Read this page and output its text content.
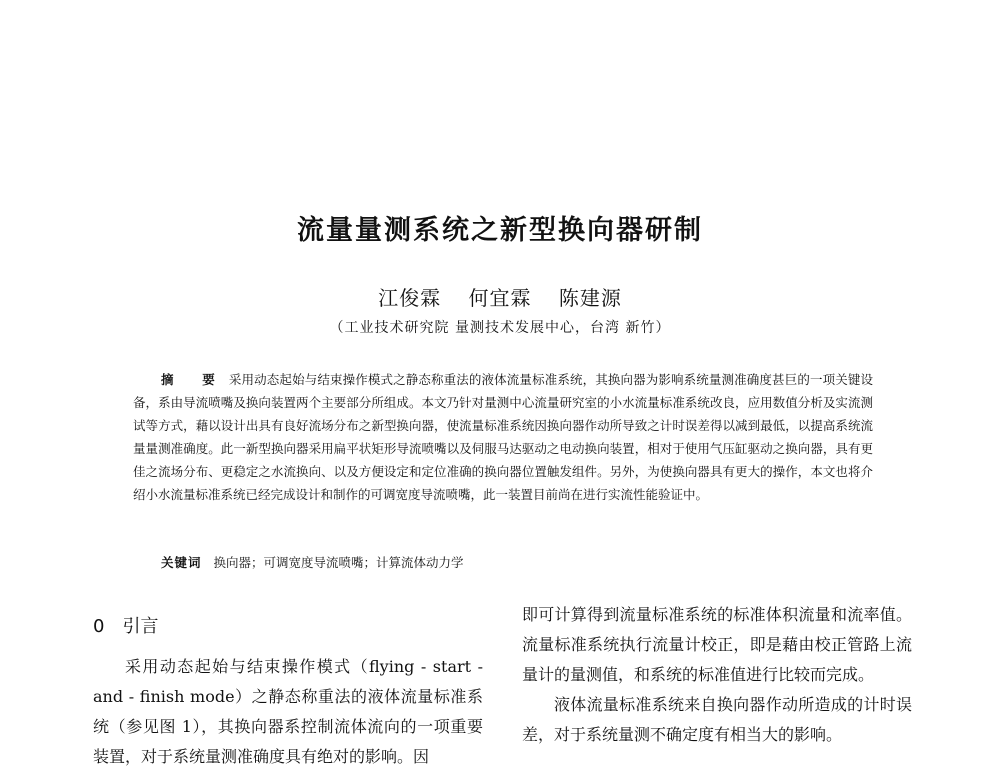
流量量测系统之新型换向器研制
江俊霖 何宜霖 陈建源
（工业技术研究院 量测技术发展中心，台湾 新竹）
摘　要 采用动态起始与结束操作模式之静态称重法的液体流量标准系统，其换向器为影响系统量测准确度甚巨的一项关键设备，系由导流喷嘴及换向装置两个主要部分所组成。本文乃针对量测中心流量研究室的小水流量标准系统改良，应用数值分析及实流测试等方式，藉以设计出具有良好流场分布之新型换向器，使流量标准系统因换向器作动所导致之计时误差得以减到最低，以提高系统流量量测准确度。此一新型换向器采用扁平状矩形导流喷嘴以及伺服马达驱动之电动换向装置，相对于使用气压缸驱动之换向器，具有更佳之流场分布、更稳定之水流换向、以及方便设定和定位准确的换向器位置触发组件。另外，为使换向器具有更大的操作，本文也将介绍小水流量标准系统已经完成设计和制作的可调宽度导流喷嘴，此一装置目前尚在进行实流性能验证中。
关键词 换向器；可调宽度导流喷嘴；计算流体动力学
0 引言

采用动态起始与结束操作模式（flying - start - and - finish mode）之静态称重法的液体流量标准系统（参见图 1），其换向器系控制流体流向的一项重要装置，对于系统量测准确度具有绝对的影响。因

即可计算得到流量标准系统的标准体积流量和流率值。流量标准系统执行流量计校正，即是藉由校正管路上流量计的量测值，和系统的标准值进行比较而完成。

液体流量标准系统来自换向器作动所造成的计时误差，对于系统量测不确定度有相当大的影响。
